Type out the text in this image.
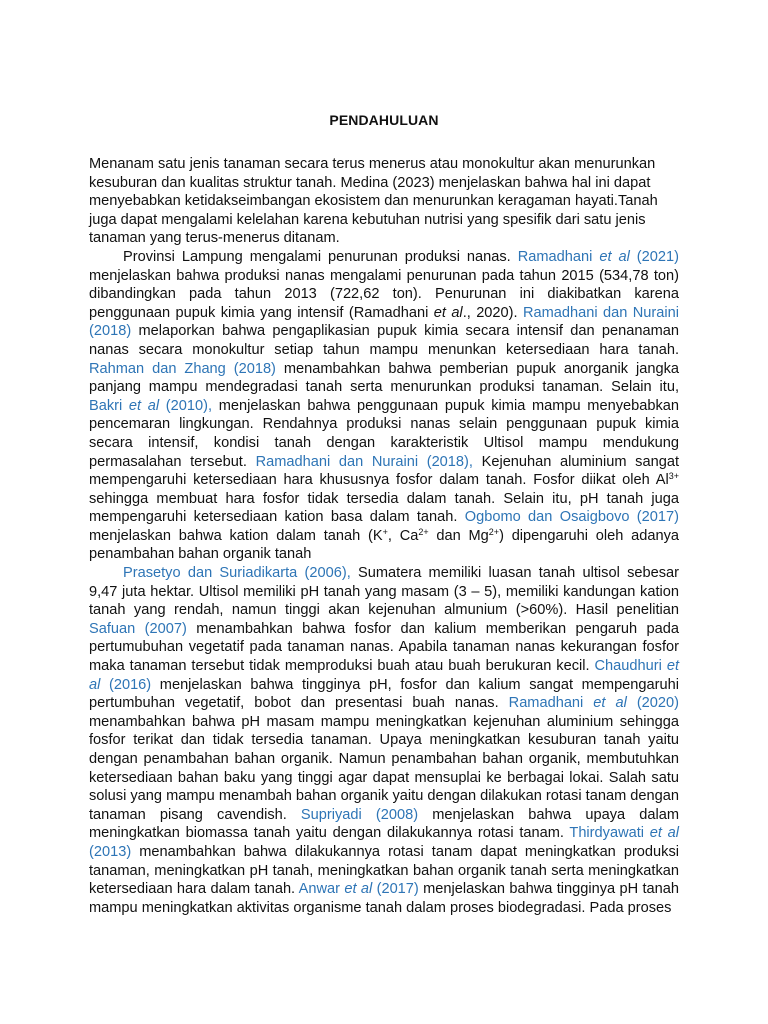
PENDAHULUAN

Menanam satu jenis tanaman secara terus menerus atau monokultur akan menurunkan kesuburan dan kualitas struktur tanah. Medina (2023) menjelaskan bahwa hal ini dapat menyebabkan ketidakseimbangan ekosistem dan menurunkan keragaman hayati.Tanah juga dapat mengalami kelelahan karena kebutuhan nutrisi yang spesifik dari satu jenis tanaman yang terus-menerus ditanam.

Provinsi Lampung mengalami penurunan produksi nanas. Ramadhani et al (2021) menjelaskan bahwa produksi nanas mengalami penurunan pada tahun 2015 (534,78 ton) dibandingkan pada tahun 2013 (722,62 ton). Penurunan ini diakibatkan karena penggunaan pupuk kimia yang intensif (Ramadhani et al., 2020). Ramadhani dan Nuraini (2018) melaporkan bahwa pengaplikasian pupuk kimia secara intensif dan penanaman nanas secara monokultur setiap tahun mampu menunkan ketersediaan hara tanah. Rahman dan Zhang (2018) menambahkan bahwa pemberian pupuk anorganik jangka panjang mampu mendegradasi tanah serta menurunkan produksi tanaman. Selain itu, Bakri et al (2010), menjelaskan bahwa penggunaan pupuk kimia mampu menyebabkan pencemaran lingkungan. Rendahnya produksi nanas selain penggunaan pupuk kimia secara intensif, kondisi tanah dengan karakteristik Ultisol mampu mendukung permasalahan tersebut. Ramadhani dan Nuraini (2018), Kejenuhan aluminium sangat mempengaruhi ketersediaan hara khususnya fosfor dalam tanah. Fosfor diikat oleh $Al^{3+}$ sehingga membuat hara fosfor tidak tersedia dalam tanah. Selain itu, pH tanah juga mempengaruhi ketersediaan kation basa dalam tanah. Ogbomo dan Osaigbovo (2017) menjelaskan bahwa kation dalam tanah (K+, $Ca^{2+}$ dan $Mg^{2+}$) dipengaruhi oleh adanya penambahan bahan organik tanah

Prasetyo dan Suriadikarta (2006), Sumatera memiliki luasan tanah ultisol sebesar 9,47 juta hektar. Ultisol memiliki pH tanah yang masam (3 – 5), memiliki kandungan kation tanah yang rendah, namun tinggi akan kejenuhan almunium (>60%). Hasil penelitian Safuan (2007) menambahkan bahwa fosfor dan kalium memberikan pengaruh pada pertumubuhan vegetatif pada tanaman nanas. Apabila tanaman nanas kekurangan fosfor maka tanaman tersebut tidak memproduksi buah atau buah berukuran kecil. Chaudhuri et al (2016) menjelaskan bahwa tingginya pH, fosfor dan kalium sangat mempengaruhi pertumbuhan vegetatif, bobot dan presentasi buah nanas. Ramadhani et al (2020) menambahkan bahwa pH masam mampu meningkatkan kejenuhan aluminium sehingga fosfor terikat dan tidak tersedia tanaman. Upaya meningkatkan kesuburan tanah yaitu dengan penambahan bahan organik. Namun penambahan bahan organik, membutuhkan ketersediaan bahan baku yang tinggi agar dapat mensuplai ke berbagai lokai. Salah satu solusi yang mampu menambah bahan organik yaitu dengan dilakukan rotasi tanam dengan tanaman pisang cavendish. Supriyadi (2008) menjelaskan bahwa upaya dalam meningkatkan biomassa tanah yaitu dengan dilakukannya rotasi tanam. Thirdyawati et al (2013) menambahkan bahwa dilakukannya rotasi tanam dapat meningkatkan produksi tanaman, meningkatkan pH tanah, meningkatkan bahan organik tanah serta meningkatkan ketersediaan hara dalam tanah. Anwar et al (2017) menjelaskan bahwa tingginya pH tanah mampu meningkatkan aktivitas organisme tanah dalam proses biodegradasi. Pada proses
